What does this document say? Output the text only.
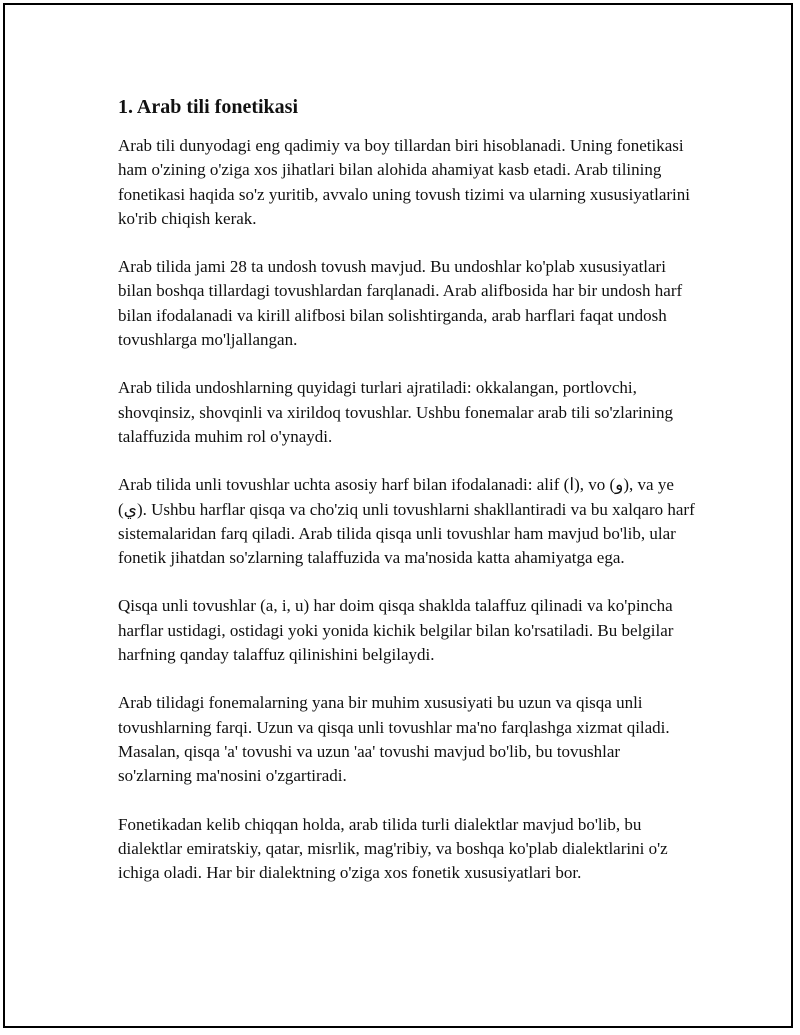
1. Arab tili fonetikasi

Arab tili dunyodagi eng qadimiy va boy tillardan biri hisoblanadi. Uning fonetikasi ham o'zining o'ziga xos jihatlari bilan alohida ahamiyat kasb etadi. Arab tilining fonetikasi haqida so'z yuritib, avvalo uning tovush tizimi va ularning xususiyatlarini ko'rib chiqish kerak.

Arab tilida jami 28 ta undosh tovush mavjud. Bu undoshlar ko'plab xususiyatlari bilan boshqa tillardagi tovushlardan farqlanadi. Arab alifbosida har bir undosh harf bilan ifodalanadi va kirill alifbosi bilan solishtirganda, arab harflari faqat undosh tovushlarga mo'ljallangan.

Arab tilida undoshlarning quyidagi turlari ajratiladi: okkalangan, portlovchi, shovqinsiz, shovqinli va xirildoq tovushlar. Ushbu fonemalar arab tili so'zlarining talaffuzida muhim rol o'ynaydi.

Arab tilida unli tovushlar uchta asosiy harf bilan ifodalanadi: alif (ا), vo (و), va ye (ي). Ushbu harflar qisqa va cho'ziq unli tovushlarni shakllantiradi va bu xalqaro harf sistemalaridan farq qiladi. Arab tilida qisqa unli tovushlar ham mavjud bo'lib, ular fonetik jihatdan so'zlarning talaffuzida va ma'nosida katta ahamiyatga ega.

Qisqa unli tovushlar (a, i, u) har doim qisqa shaklda talaffuz qilinadi va ko'pincha harflar ustidagi, ostidagi yoki yonida kichik belgilar bilan ko'rsatiladi. Bu belgilar harfning qanday talaffuz qilinishini belgilaydi.

Arab tilidagi fonemalarning yana bir muhim xususiyati bu uzun va qisqa unli tovushlarning farqi. Uzun va qisqa unli tovushlar ma'no farqlashga xizmat qiladi. Masalan, qisqa 'a' tovushi va uzun 'aa' tovushi mavjud bo'lib, bu tovushlar so'zlarning ma'nosini o'zgartiradi.

Fonetikadan kelib chiqqan holda, arab tilida turli dialektlar mavjud bo'lib, bu dialektlar emiratskiy, qatar, misrlik, mag'ribiy, va boshqa ko'plab dialektlarini o'z ichiga oladi. Har bir dialektning o'ziga xos fonetik xususiyatlari bor.
